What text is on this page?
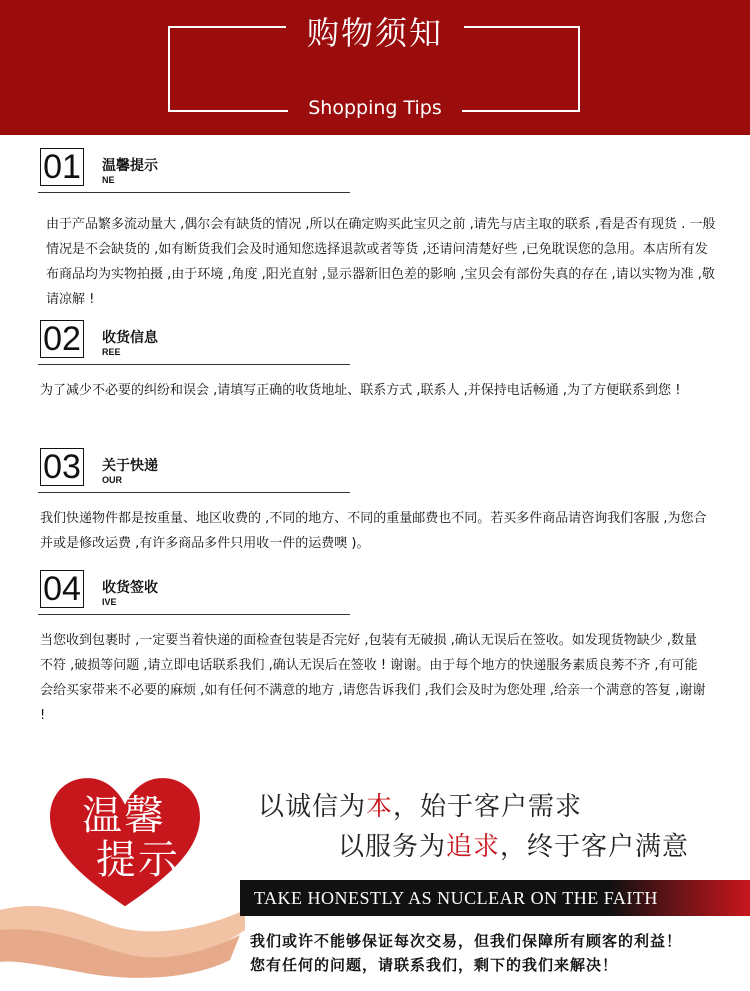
购物须知
Shopping Tips
01 温馨提示
NE
由于产品繁多流动量大 ,偶尔会有缺货的情况 ,所以在确定购买此宝贝之前 ,请先与店主取的联系 ,看是否有现货 . 一般情况是不会缺货的 ,如有断货我们会及时通知您选择退款或者等货 ,还请问清楚好些 ,已免耽误您的急用。本店所有发布商品均为实物拍摄 ,由于环境 ,角度 ,阳光直射 ,显示器新旧色差的影响 ,宝贝会有部份失真的存在 ,请以实物为准 ,敬请凉解 !
02 收货信息
REE
为了减少不必要的纠纷和误会 ,请填写正确的收货地址、联系方式 ,联系人 ,并保持电话畅通 ,为了方便联系到您 !
03 关于快递
OUR
我们快递物件都是按重量、地区收费的 ,不同的地方、不同的重量邮费也不同。若买多件商品请咨询我们客服 ,为您合并或是修改运费 ,有许多商品多件只用收一件的运费噢 )。
04 收货签收
IVE
当您收到包裹时 ,一定要当着快递的面检查包装是否完好 ,包装有无破损 ,确认无误后在签收。如发现货物缺少 ,数量不符 ,破损等问题 ,请立即电话联系我们 ,确认无误后在签收 ! 谢谢。由于每个地方的快递服务素质良莠不齐 ,有可能会给买家带来不必要的麻烦 ,如有任何不满意的地方 ,请您告诉我们 ,我们会及时为您处理 ,给亲一个满意的答复 ,谢谢 !
温馨
提示
以诚信为本，始于客户需求
以服务为追求，终于客户满意
TAKE HONESTLY AS NUCLEAR ON THE FAITH
我们或许不能够保证每次交易，但我们保障所有顾客的利益！
您有任何的问题，请联系我们，剩下的我们来解决！
